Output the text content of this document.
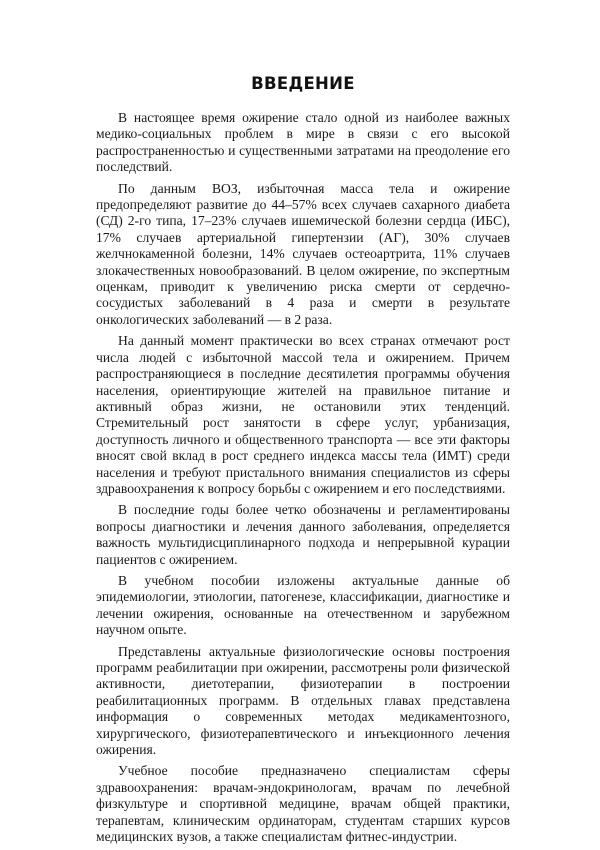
ВВЕДЕНИЕ

В настоящее время ожирение стало одной из наиболее важных медико-социальных проблем в мире в связи с его высокой распространенностью и существенными затратами на преодоление его последствий.

По данным ВОЗ, избыточная масса тела и ожирение предопределяют развитие до 44–57% всех случаев сахарного диабета (СД) 2-го типа, 17–23% случаев ишемической болезни сердца (ИБС), 17% случаев артериальной гипертензии (АГ), 30% случаев желчнокаменной болезни, 14% случаев остеоартрита, 11% случаев злокачественных новообразований. В целом ожирение, по экспертным оценкам, приводит к увеличению риска смерти от сердечно-сосудистых заболеваний в 4 раза и смерти в результате онкологических заболеваний — в 2 раза.

На данный момент практически во всех странах отмечают рост числа людей с избыточной массой тела и ожирением. Причем распространяющиеся в последние десятилетия программы обучения населения, ориентирующие жителей на правильное питание и активный образ жизни, не остановили этих тенденций. Стремительный рост занятости в сфере услуг, урбанизация, доступность личного и общественного транспорта — все эти факторы вносят свой вклад в рост среднего индекса массы тела (ИМТ) среди населения и требуют пристального внимания специалистов из сферы здравоохранения к вопросу борьбы с ожирением и его последствиями.

В последние годы более четко обозначены и регламентированы вопросы диагностики и лечения данного заболевания, определяется важность мультидисциплинарного подхода и непрерывной курации пациентов с ожирением.

В учебном пособии изложены актуальные данные об эпидемиологии, этиологии, патогенезе, классификации, диагностике и лечении ожирения, основанные на отечественном и зарубежном научном опыте.

Представлены актуальные физиологические основы построения программ реабилитации при ожирении, рассмотрены роли физической активности, диетотерапии, физиотерапии в построении реабилитационных программ. В отдельных главах представлена информация о современных методах медикаментозного, хирургического, физиотерапевтического и инъекционного лечения ожирения.

Учебное пособие предназначено специалистам сферы здравоохранения: врачам-эндокринологам, врачам по лечебной физкультуре и спортивной медицине, врачам общей практики, терапевтам, клиническим ординаторам, студентам старших курсов медицинских вузов, а также специалистам фитнес-индустрии.
